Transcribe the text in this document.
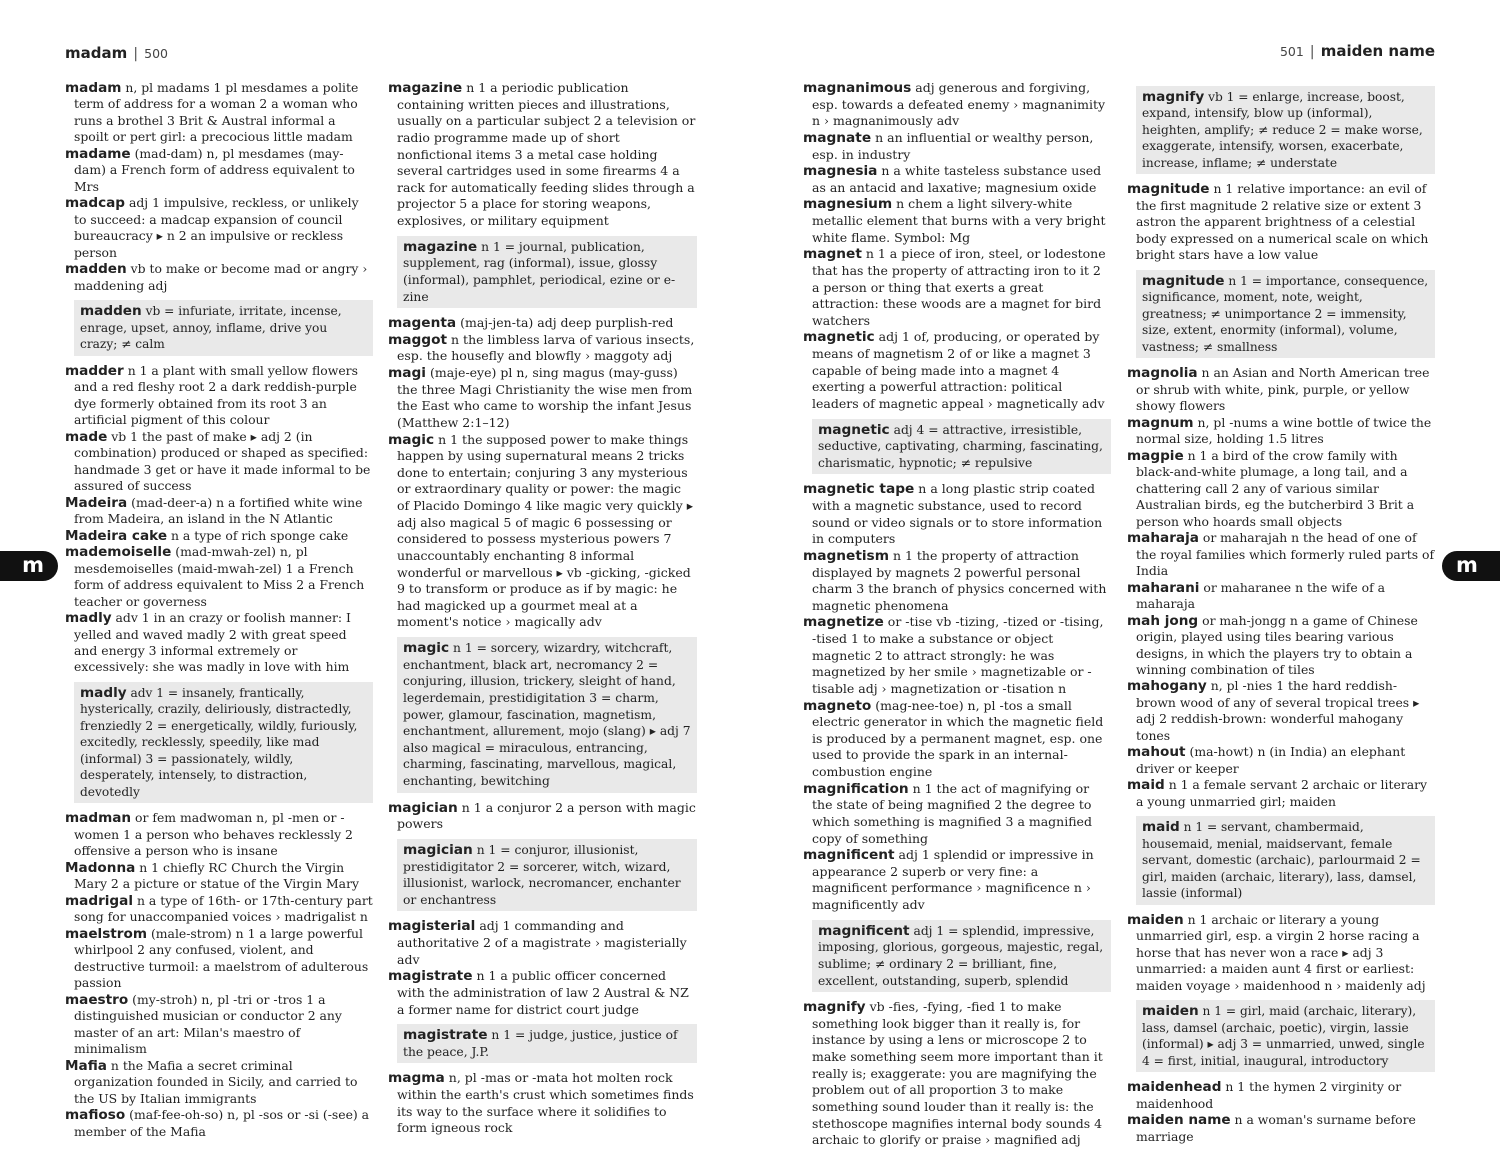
madam | 500
m
madam n, pl madams 1 pl mesdames a polite term of address for a woman 2 a woman who runs a brothel 3 Brit & Austral informal a spoilt or pert girl: a precocious little madam
madame (mad-dam) n, pl mesdames (may-dam) a French form of address equivalent to Mrs
madcap adj 1 impulsive, reckless, or unlikely to succeed: a madcap expansion of council bureaucracy ▸ n 2 an impulsive or reckless person
madden vb to make or become mad or angry › maddening adj
madden vb = infuriate, irritate, incense, enrage, upset, annoy, inflame, drive you crazy; ≠ calm
madder n 1 a plant with small yellow flowers and a red fleshy root 2 a dark reddish-purple dye formerly obtained from its root 3 an artificial pigment of this colour
made vb 1 the past of make ▸ adj 2 (in combination) produced or shaped as specified: handmade 3 get or have it made informal to be assured of success
Madeira (mad-deer-a) n a fortified white wine from Madeira, an island in the N Atlantic
Madeira cake n a type of rich sponge cake
mademoiselle (mad-mwah-zel) n, pl mesdemoiselles (maid-mwah-zel) 1 a French form of address equivalent to Miss 2 a French teacher or governess
madly adv 1 in an crazy or foolish manner: I yelled and waved madly 2 with great speed and energy 3 informal extremely or excessively: she was madly in love with him
madly adv 1 = insanely, frantically, hysterically, crazily, deliriously, distractedly, frenziedly 2 = energetically, wildly, furiously, excitedly, recklessly, speedily, like mad (informal) 3 = passionately, wildly, desperately, intensely, to distraction, devotedly
madman or fem madwoman n, pl -men or -women 1 a person who behaves recklessly 2 offensive a person who is insane
Madonna n 1 chiefly RC Church the Virgin Mary 2 a picture or statue of the Virgin Mary
madrigal n a type of 16th- or 17th-century part song for unaccompanied voices › madrigalist n
maelstrom (male-strom) n 1 a large powerful whirlpool 2 any confused, violent, and destructive turmoil: a maelstrom of adulterous passion
maestro (my-stroh) n, pl -tri or -tros 1 a distinguished musician or conductor 2 any master of an art: Milan's maestro of minimalism
Mafia n the Mafia a secret criminal organization founded in Sicily, and carried to the US by Italian immigrants
mafioso (maf-fee-oh-so) n, pl -sos or -si (-see) a member of the Mafia
magazine n 1 a periodic publication containing written pieces and illustrations, usually on a particular subject 2 a television or radio programme made up of short nonfictional items 3 a metal case holding several cartridges used in some firearms 4 a rack for automatically feeding slides through a projector 5 a place for storing weapons, explosives, or military equipment
magazine n 1 = journal, publication, supplement, rag (informal), issue, glossy (informal), pamphlet, periodical, ezine or e-zine
magenta (maj-jen-ta) adj deep purplish-red
maggot n the limbless larva of various insects, esp. the housefly and blowfly › maggoty adj
magi (maje-eye) pl n, sing magus (may-guss) the three Magi Christianity the wise men from the East who came to worship the infant Jesus (Matthew 2:1–12)
magic n 1 the supposed power to make things happen by using supernatural means 2 tricks done to entertain; conjuring 3 any mysterious or extraordinary quality or power: the magic of Placido Domingo 4 like magic very quickly ▸ adj also magical 5 of magic 6 possessing or considered to possess mysterious powers 7 unaccountably enchanting 8 informal wonderful or marvellous ▸ vb -gicking, -gicked 9 to transform or produce as if by magic: he had magicked up a gourmet meal at a moment's notice › magically adv
magic n 1 = sorcery, wizardry, witchcraft, enchantment, black art, necromancy 2 = conjuring, illusion, trickery, sleight of hand, legerdemain, prestidigitation 3 = charm, power, glamour, fascination, magnetism, enchantment, allurement, mojo (slang) ▸ adj 7 also magical = miraculous, entrancing, charming, fascinating, marvellous, magical, enchanting, bewitching
magician n 1 a conjuror 2 a person with magic powers
magician n 1 = conjuror, illusionist, prestidigitator 2 = sorcerer, witch, wizard, illusionist, warlock, necromancer, enchanter or enchantress
magisterial adj 1 commanding and authoritative 2 of a magistrate › magisterially adv
magistrate n 1 a public officer concerned with the administration of law 2 Austral & NZ a former name for district court judge
magistrate n 1 = judge, justice, justice of the peace, J.P.
magma n, pl -mas or -mata hot molten rock within the earth's crust which sometimes finds its way to the surface where it solidifies to form igneous rock
501 | maiden name
m
magnanimous adj generous and forgiving, esp. towards a defeated enemy › magnanimity n › magnanimously adv
magnate n an influential or wealthy person, esp. in industry
magnesia n a white tasteless substance used as an antacid and laxative; magnesium oxide
magnesium n chem a light silvery-white metallic element that burns with a very bright white flame. Symbol: Mg
magnet n 1 a piece of iron, steel, or lodestone that has the property of attracting iron to it 2 a person or thing that exerts a great attraction: these woods are a magnet for bird watchers
magnetic adj 1 of, producing, or operated by means of magnetism 2 of or like a magnet 3 capable of being made into a magnet 4 exerting a powerful attraction: political leaders of magnetic appeal › magnetically adv
magnetic adj 4 = attractive, irresistible, seductive, captivating, charming, fascinating, charismatic, hypnotic; ≠ repulsive
magnetic tape n a long plastic strip coated with a magnetic substance, used to record sound or video signals or to store information in computers
magnetism n 1 the property of attraction displayed by magnets 2 powerful personal charm 3 the branch of physics concerned with magnetic phenomena
magnetize or -tise vb -tizing, -tized or -tising, -tised 1 to make a substance or object magnetic 2 to attract strongly: he was magnetized by her smile › magnetizable or -tisable adj › magnetization or -tisation n
magneto (mag-nee-toe) n, pl -tos a small electric generator in which the magnetic field is produced by a permanent magnet, esp. one used to provide the spark in an internal-combustion engine
magnification n 1 the act of magnifying or the state of being magnified 2 the degree to which something is magnified 3 a magnified copy of something
magnificent adj 1 splendid or impressive in appearance 2 superb or very fine: a magnificent performance › magnificence n › magnificently adv
magnificent adj 1 = splendid, impressive, imposing, glorious, gorgeous, majestic, regal, sublime; ≠ ordinary 2 = brilliant, fine, excellent, outstanding, superb, splendid
magnify vb -fies, -fying, -fied 1 to make something look bigger than it really is, for instance by using a lens or microscope 2 to make something seem more important than it really is; exaggerate: you are magnifying the problem out of all proportion 3 to make something sound louder than it really is: the stethoscope magnifies internal body sounds 4 archaic to glorify or praise › magnified adj
magnify vb 1 = enlarge, increase, boost, expand, intensify, blow up (informal), heighten, amplify; ≠ reduce 2 = make worse, exaggerate, intensify, worsen, exacerbate, increase, inflame; ≠ understate
magnitude n 1 relative importance: an evil of the first magnitude 2 relative size or extent 3 astron the apparent brightness of a celestial body expressed on a numerical scale on which bright stars have a low value
magnitude n 1 = importance, consequence, significance, moment, note, weight, greatness; ≠ unimportance 2 = immensity, size, extent, enormity (informal), volume, vastness; ≠ smallness
magnolia n an Asian and North American tree or shrub with white, pink, purple, or yellow showy flowers
magnum n, pl -nums a wine bottle of twice the normal size, holding 1.5 litres
magpie n 1 a bird of the crow family with black-and-white plumage, a long tail, and a chattering call 2 any of various similar Australian birds, eg the butcherbird 3 Brit a person who hoards small objects
maharaja or maharajah n the head of one of the royal families which formerly ruled parts of India
maharani or maharanee n the wife of a maharaja
mah jong or mah-jongg n a game of Chinese origin, played using tiles bearing various designs, in which the players try to obtain a winning combination of tiles
mahogany n, pl -nies 1 the hard reddish-brown wood of any of several tropical trees ▸ adj 2 reddish-brown: wonderful mahogany tones
mahout (ma-howt) n (in India) an elephant driver or keeper
maid n 1 a female servant 2 archaic or literary a young unmarried girl; maiden
maid n 1 = servant, chambermaid, housemaid, menial, maidservant, female servant, domestic (archaic), parlourmaid 2 = girl, maiden (archaic, literary), lass, damsel, lassie (informal)
maiden n 1 archaic or literary a young unmarried girl, esp. a virgin 2 horse racing a horse that has never won a race ▸ adj 3 unmarried: a maiden aunt 4 first or earliest: maiden voyage › maidenhood n › maidenly adj
maiden n 1 = girl, maid (archaic, literary), lass, damsel (archaic, poetic), virgin, lassie (informal) ▸ adj 3 = unmarried, unwed, single 4 = first, initial, inaugural, introductory
maidenhead n 1 the hymen 2 virginity or maidenhood
maiden name n a woman's surname before marriage
